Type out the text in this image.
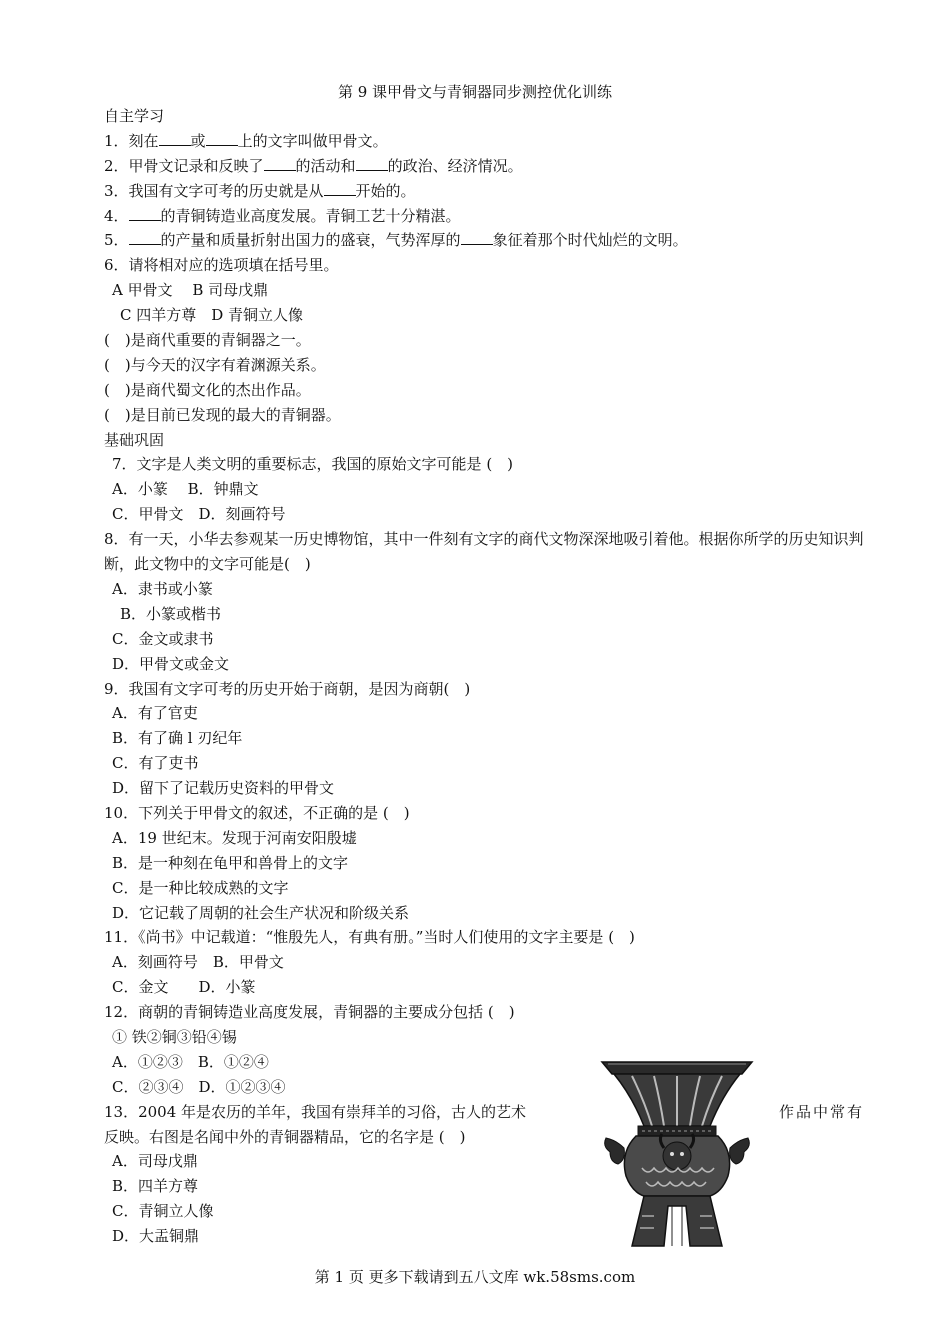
第 9 课甲骨文与青铜器同步测控优化训练
自主学习
1．刻在 或 上的文字叫做甲骨文。
2．甲骨文记录和反映了 的活动和 的政治、经济情况。
3．我国有文字可考的历史就是从 开始的。
4． 的青铜铸造业高度发展。青铜工艺十分精湛。
5． 的产量和质量折射出国力的盛衰，气势浑厚的 象征着那个时代灿烂的文明。
6．请将相对应的选项填在括号里。
A 甲骨文　 B 司母戊鼎
C 四羊方尊　D 青铜立人像
(　)是商代重要的青铜器之一。
(　)与今天的汉字有着渊源关系。
(　)是商代蜀文化的杰出作品。
(　)是目前已发现的最大的青铜器。
基础巩固
7．文字是人类文明的重要标志，我国的原始文字可能是 (　)
A．小篆　 B．钟鼎文
C．甲骨文　D．刻画符号
8．有一天，小华去参观某一历史博物馆，其中一件刻有文字的商代文物深深地吸引着他。根据你所学的历史知识判断，此文物中的文字可能是(　)
A．隶书或小篆
B．小篆或楷书
C．金文或隶书
D．甲骨文或金文
9．我国有文字可考的历史开始于商朝，是因为商朝(　)
A．有了官吏
B．有了确 l 刃纪年
C．有了吏书
D．留下了记载历史资料的甲骨文
10．下列关于甲骨文的叙述，不正确的是 (　)
A．19 世纪末。发现于河南安阳殷墟
B．是一种刻在龟甲和兽骨上的文字
C．是一种比较成熟的文字
D．它记载了周朝的社会生产状况和阶级关系
11．《尚书》中记载道：“惟殷先人，有典有册。”当时人们使用的文字主要是 (　)
A．刻画符号　B．甲骨文
C．金文　　D．小篆
12．商朝的青铜铸造业高度发展，青铜器的主要成分包括 (　)
① 铁②铜③铅④锡
A．①②③　B．①②④
C．②③④　D．①②③④
13．2004 年是农历的羊年，我国有崇拜羊的习俗，古人的艺术	作品中常有
反映。右图是名闻中外的青铜器精品，它的名字是 (　)
A．司母戊鼎
B．四羊方尊
C．青铜立人像
D．大盂铜鼎
第 1 页 更多下载请到五八文库 wk.58sms.com
